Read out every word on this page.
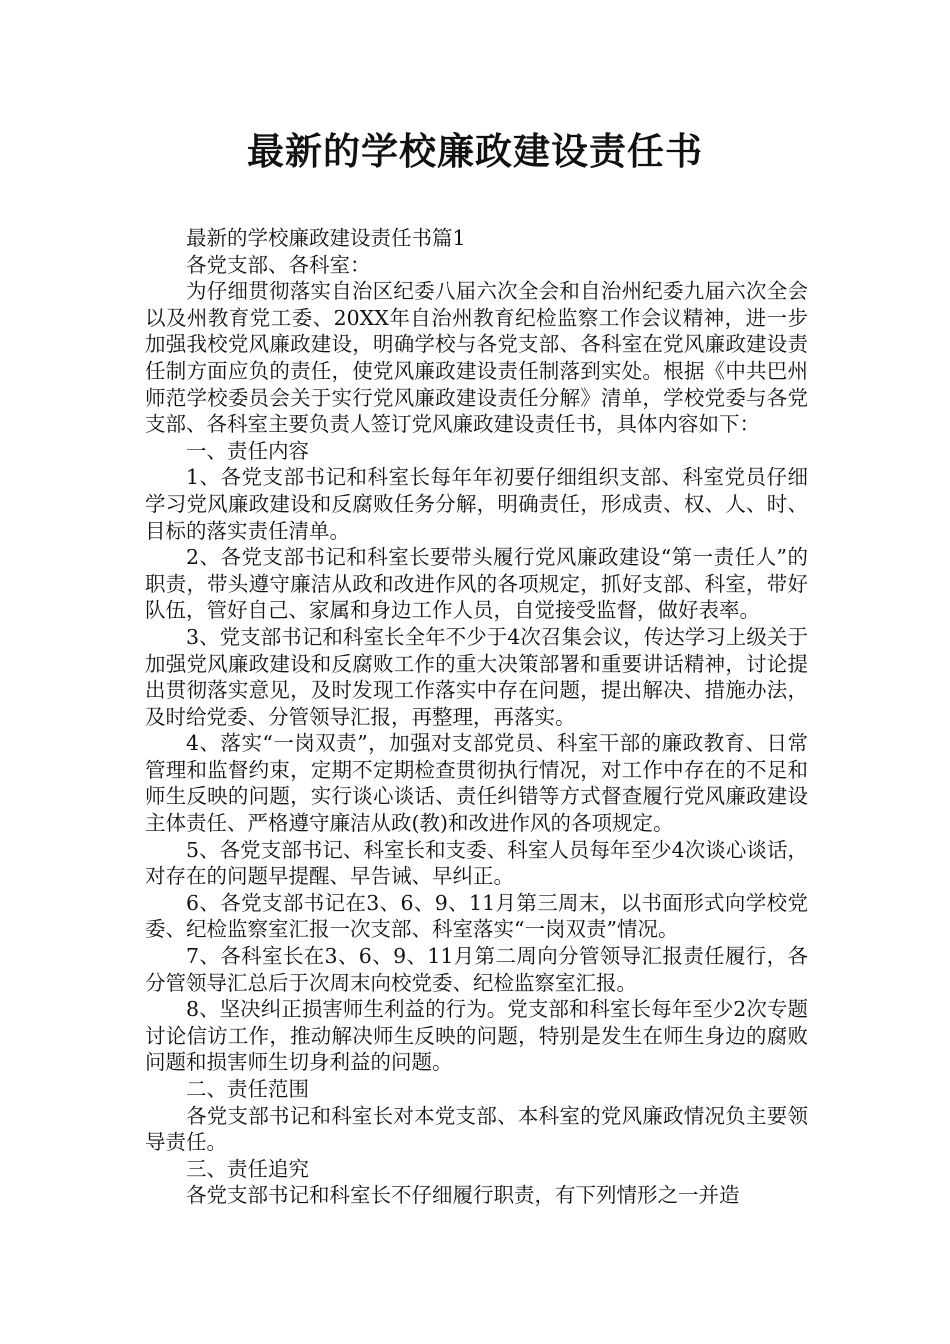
最新的学校廉政建设责任书

最新的学校廉政建设责任书篇1

各党支部、各科室：

为仔细贯彻落实自治区纪委八届六次全会和自治州纪委九届六次全会以及州教育党工委、20XX年自治州教育纪检监察工作会议精神，进一步加强我校党风廉政建设，明确学校与各党支部、各科室在党风廉政建设责任制方面应负的责任，使党风廉政建设责任制落到实处。根据《中共巴州师范学校委员会关于实行党风廉政建设责任分解》清单，学校党委与各党支部、各科室主要负责人签订党风廉政建设责任书，具体内容如下：

一、责任内容

1、各党支部书记和科室长每年年初要仔细组织支部、科室党员仔细学习党风廉政建设和反腐败任务分解，明确责任，形成责、权、人、时、目标的落实责任清单。

2、各党支部书记和科室长要带头履行党风廉政建设“第一责任人”的职责，带头遵守廉洁从政和改进作风的各项规定，抓好支部、科室，带好队伍，管好自己、家属和身边工作人员，自觉接受监督，做好表率。

3、党支部书记和科室长全年不少于4次召集会议，传达学习上级关于加强党风廉政建设和反腐败工作的重大决策部署和重要讲话精神，讨论提出贯彻落实意见，及时发现工作落实中存在问题，提出解决、措施办法，及时给党委、分管领导汇报，再整理，再落实。

4、落实“一岗双责”，加强对支部党员、科室干部的廉政教育、日常管理和监督约束，定期不定期检查贯彻执行情况，对工作中存在的不足和师生反映的问题，实行谈心谈话、责任纠错等方式督查履行党风廉政建设主体责任、严格遵守廉洁从政(教)和改进作风的各项规定。

5、各党支部书记、科室长和支委、科室人员每年至少4次谈心谈话，对存在的问题早提醒、早告诫、早纠正。

6、各党支部书记在3、6、9、11月第三周末，以书面形式向学校党委、纪检监察室汇报一次支部、科室落实“一岗双责”情况。

7、各科室长在3、6、9、11月第二周向分管领导汇报责任履行，各分管领导汇总后于次周末向校党委、纪检监察室汇报。

8、坚决纠正损害师生利益的行为。党支部和科室长每年至少2次专题讨论信访工作，推动解决师生反映的问题，特别是发生在师生身边的腐败问题和损害师生切身利益的问题。

二、责任范围

各党支部书记和科室长对本党支部、本科室的党风廉政情况负主要领导责任。

三、责任追究

各党支部书记和科室长不仔细履行职责，有下列情形之一并造
